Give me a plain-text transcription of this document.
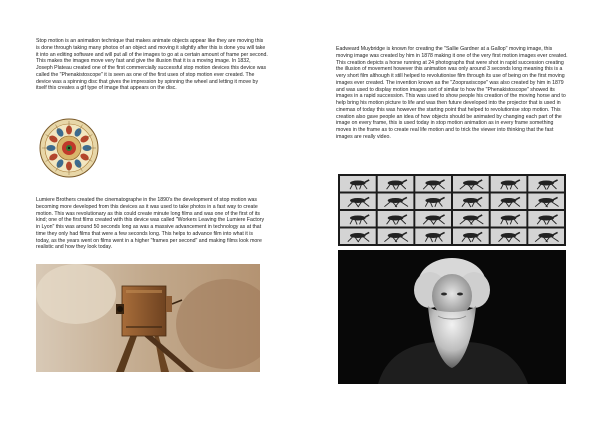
Stop motion is an animation technique that makes animate objects appear like they are moving this is done through taking many photos of an object and moving it slightly after this is done you will take it into an editing software and will put all of the images to go at a certain amount of frame per second. This makes the images move very fast and give the illusion that it is a moving image. In 1832, Joseph Plateau created one of the first commercially successful stop motion devices this device was called the "Phenakistoscope" it is seen as one of the first uses of stop motion ever created. The device was a spinning disc that gives the impression by spinning the wheel and letting it move by itself this creates a gif type of image that appears on the disc.

Lumiere Brothers created the cinematographe in the 1890's the development of stop motion was becoming more developed from this devices as it was used to take photos in a fast way to create motion. This was revolutionary as this could create minute long films and was one of the first of its kind; one of the first films created with this device was called "Workers Leaving the Lumiere Factory in Lyon" this was around 50 seconds long as was a massive advancement in technology as at that time they only had films that were a few seconds long. This helps to advance film into what it is today, as the years went on films went in a higher "frames per second" and making films look more realistic and how they look today.

Eadweard Muybridge is known for creating the "Sallie Gardner at a Gallop" moving image, this moving image was created by him in 1878 making it one of the very first motion images ever created. This creation depicts a horse running at 24 photographs that were shot in rapid succession creating the illusion of movement however this animation was only around 3 seconds long meaning this is a very short film although it still helped to revolutionise film through its use of being on the first moving images ever created. The invention known as the "Zoopraxiscope" was also created by him in 1879 and was used to display motion images sort of similar to how the "Phenakistoscope" showed its images in a rapid succession. This was used to show people his creation of the moving horse and to help bring his motion picture to life and was then future developed into the projector that is used in cinemas of today this was however the starting point that helped to revolutionise stop motion. This creation also gave people an idea of how objects should be animated by changing each part of the image on every frame, this is used today in stop motion animation as in every frame something moves in the frame as to create real life motion and to trick the viewer into thinking that the fast images are really video.
